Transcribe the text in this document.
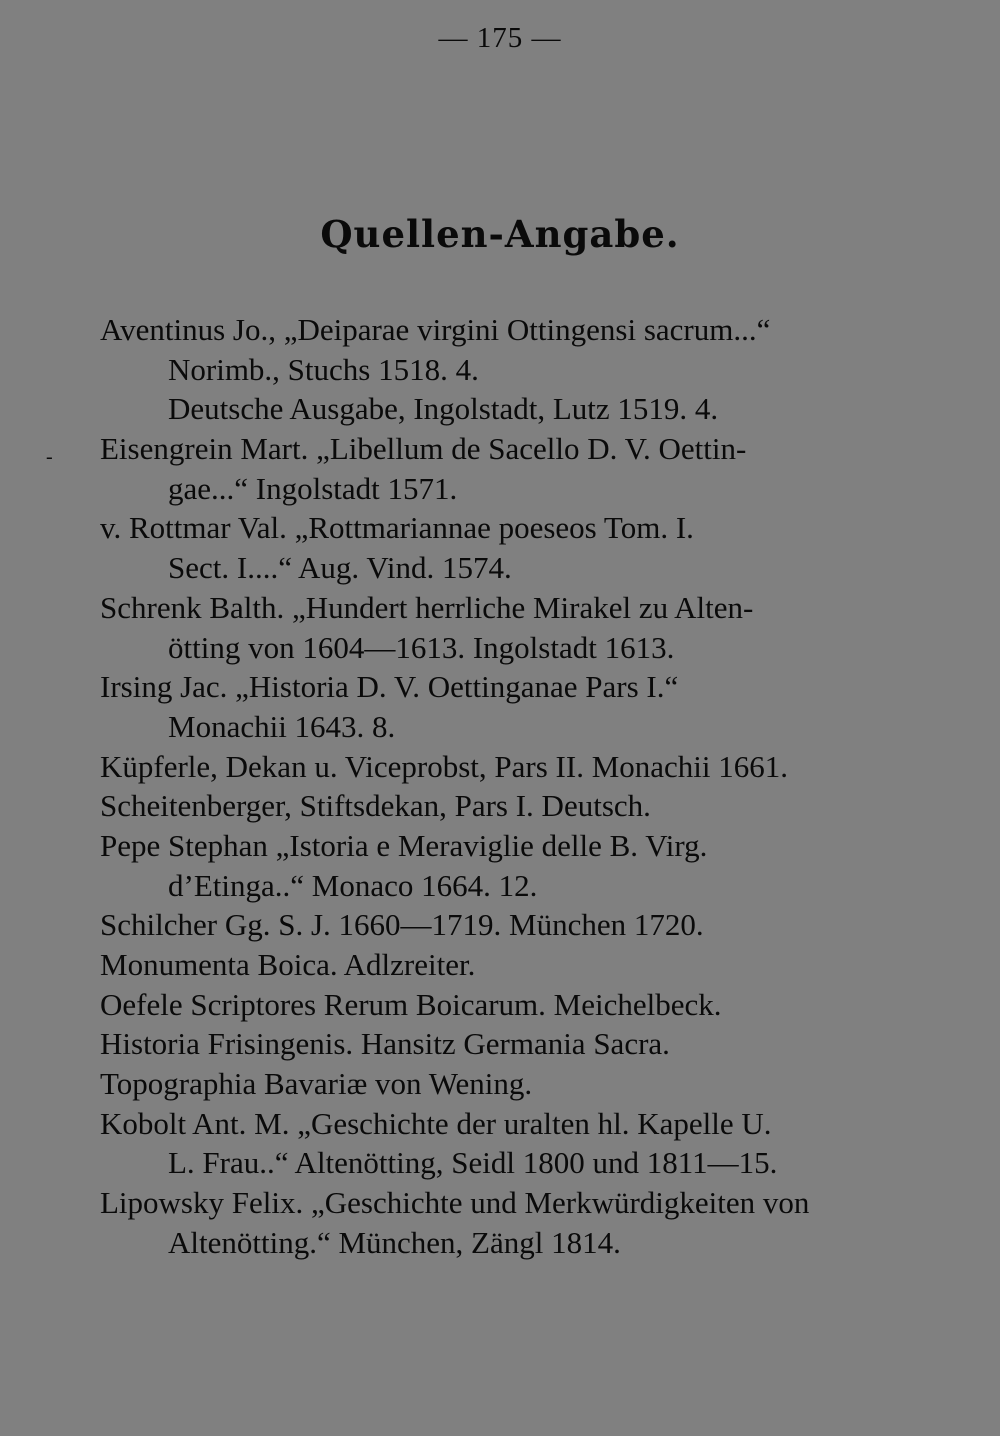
— 175 —
Quellen-Angabe.
-
Aventinus Jo., „Deiparae virgini Ottingensi sacrum...“
Norimb., Stuchs 1518. 4.
Deutsche Ausgabe, Ingolstadt, Lutz 1519. 4.
Eisengrein Mart. „Libellum de Sacello D. V. Oettin-
gae...“ Ingolstadt 1571.
v. Rottmar Val. „Rottmariannae poeseos Tom. I.
Sect. I....“ Aug. Vind. 1574.
Schrenk Balth. „Hundert herrliche Mirakel zu Alten-
ötting von 1604—1613. Ingolstadt 1613.
Irsing Jac. „Historia D. V. Oettinganae Pars I.“
Monachii 1643. 8.
Küpferle, Dekan u. Viceprobst, Pars II. Monachii 1661.
Scheitenberger, Stiftsdekan, Pars I. Deutsch.
Pepe Stephan „Istoria e Meraviglie delle B. Virg.
d’Etinga..“ Monaco 1664. 12.
Schilcher Gg. S. J. 1660—1719. München 1720.
Monumenta Boica. Adlzreiter.
Oefele Scriptores Rerum Boicarum. Meichelbeck.
Historia Frisingenis. Hansitz Germania Sacra.
Topographia Bavariæ von Wening.
Kobolt Ant. M. „Geschichte der uralten hl. Kapelle U.
L. Frau..“ Altenötting, Seidl 1800 und 1811—15.
Lipowsky Felix. „Geschichte und Merkwürdigkeiten von
Altenötting.“ München, Zängl 1814.
